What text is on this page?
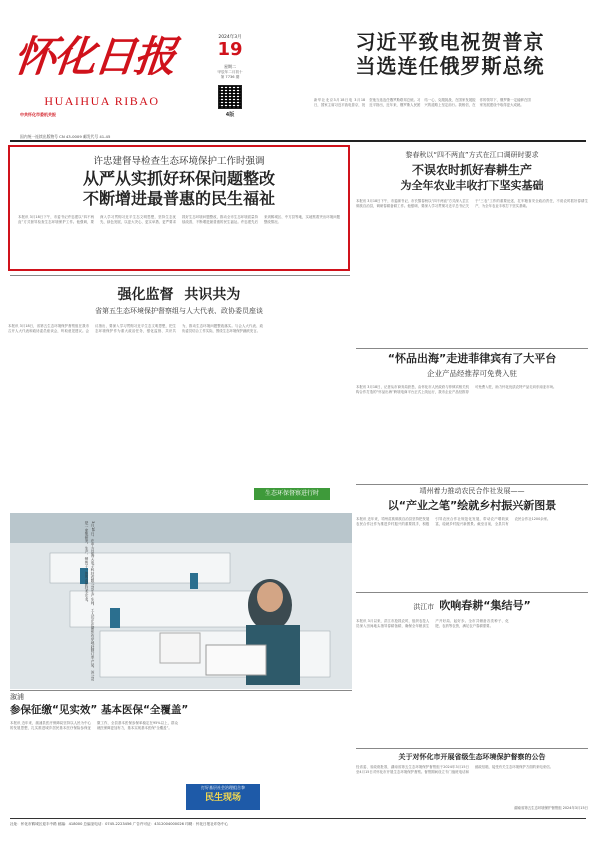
怀化日报
HUAIHUA RIBAO
中共怀化市委机关报
国内统一连续出版物号 CN 43-0009 邮发代号 41-45
2024年3月
19
星期二
甲辰年二月初十
第 7736 期
4版
习近平致电祝贺普京
当选连任俄罗斯总统
新华社北京3月18日电 3月18日，国家主席习近平致电普京，祝贺他当选连任俄罗斯联邦总统。习近平指出，近年来，俄罗斯人民团结一心，克服挑战，在国家发展振兴的道路上坚定前行。我相信，在你的领导下，俄罗斯一定能够在国家发展建设中取得更大成就。
许忠建督导检查生态环境保护工作时强调
从严从实抓好环保问题整改
不断增进最普惠的民生福祉
本报讯 3月18日下午，市委书记许忠建以“四不两直”方式督导检查生态环境保护工作。他强调，要深入学习贯彻习近平生态文明思想，坚持生态优先、绿色发展，以更大决心、更实举措、更严要求抓好生态环境问题整改，推动全市生态环境质量持续改善，不断增进最普惠的民生福祉。许忠建先后来到鹤城区、中方县等地，实地察看突出环境问题整改情况。
黎春秋以“四不两直”方式在江口调研时要求
不误农时抓好春耕生产
为全年农业丰收打下坚实基础
本报讯 3月18日下午，市委副书记、市长黎春秋以“四不两直”方式深入芷江侗族自治县，调研春耕备耕工作。他强调，要深入学习贯彻习近平总书记关于“三农”工作的重要论述，扛牢粮食安全政治责任，不误农时抓好春耕生产，为全年农业丰收打下坚实基础。
强化监督 共识共为
省第五生态环境保护督察组与人大代表、政协委员座谈
本报讯 3月18日，省第五生态环境保护督察组在我市召开人大代表和政协委员座谈会，听取意见建议。会议指出，要深入学习贯彻习近平生态文明思想，把生态环境保护作为重大政治任务，强化监督、共识共为，推动生态环境问题整改落实。与会人大代表、政协委员结合工作实际，围绕生态环境保护踊跃发言。
生态环保督察进行时
3月18日，在中方县海天电子科技有限公司生产车间，工人们正在紧张有序地赶制订单产品。该公司是一家集研发、生产、销售于一体的高新技术企业。
“怀品出海”走进菲律宾有了大平台
企业产品经推荐可免费入驻
本报讯 3月18日，记者从市商务局获悉，由怀化市人民政府与菲律宾相关机构合作打造的“怀品出海”跨境电商平台正式上线运行，我市企业产品经推荐可免费入驻，助力怀化优质农特产品走向东南亚市场。
靖州着力推动农民合作社发展——
以“产业之笔”绘就乡村振兴新图景
本报讯 近年来，靖州苗族侗族自治县坚持把发展农民合作社作为推进乡村振兴的重要抓手，积极引导农民合作社规范化发展，带动农户增收致富，绘就乡村振兴新图景。截至目前，全县共有农民合作社1200余家。
洪江市 吹响春耕“集结号”
本报讯 3月以来，洪江市抢抓农时，组织农技人员深入田间地头指导春耕备耕，确保全年粮食生产开好局、起好步。全市共储备各类种子、化肥、农药等农资，满足农户春耕需要。
溆浦
参保征缴“见实效” 基本医保“全覆盖”
本报讯 近年来，溆浦县医疗保障局坚持以人民为中心的发展思想，扎实推进城乡居民基本医疗保险参保征缴工作，全县基本医保参保率稳定在95%以上，群众就医保障更加有力，基本实现基本医保“全覆盖”。
打好基层社会治理组合拳
民生现场
关于对怀化市开展省级生态环境保护督察的公告
经省委、省政府批准，湖南省第五生态环境保护督察组于2024年3月15日至4月15日对怀化市开展生态环境保护督察。督察期间设立专门值班电话和邮政信箱，接受有关生态环境保护方面的来电来信。
湖南省第五生态环境保护督察组 2024年3月15日
社址：怀化市鹤城区迎丰中路 邮编：418000 总编室电话：0745-2223456 广告许可证：4312004000026 印刷：怀化日报社印务中心
